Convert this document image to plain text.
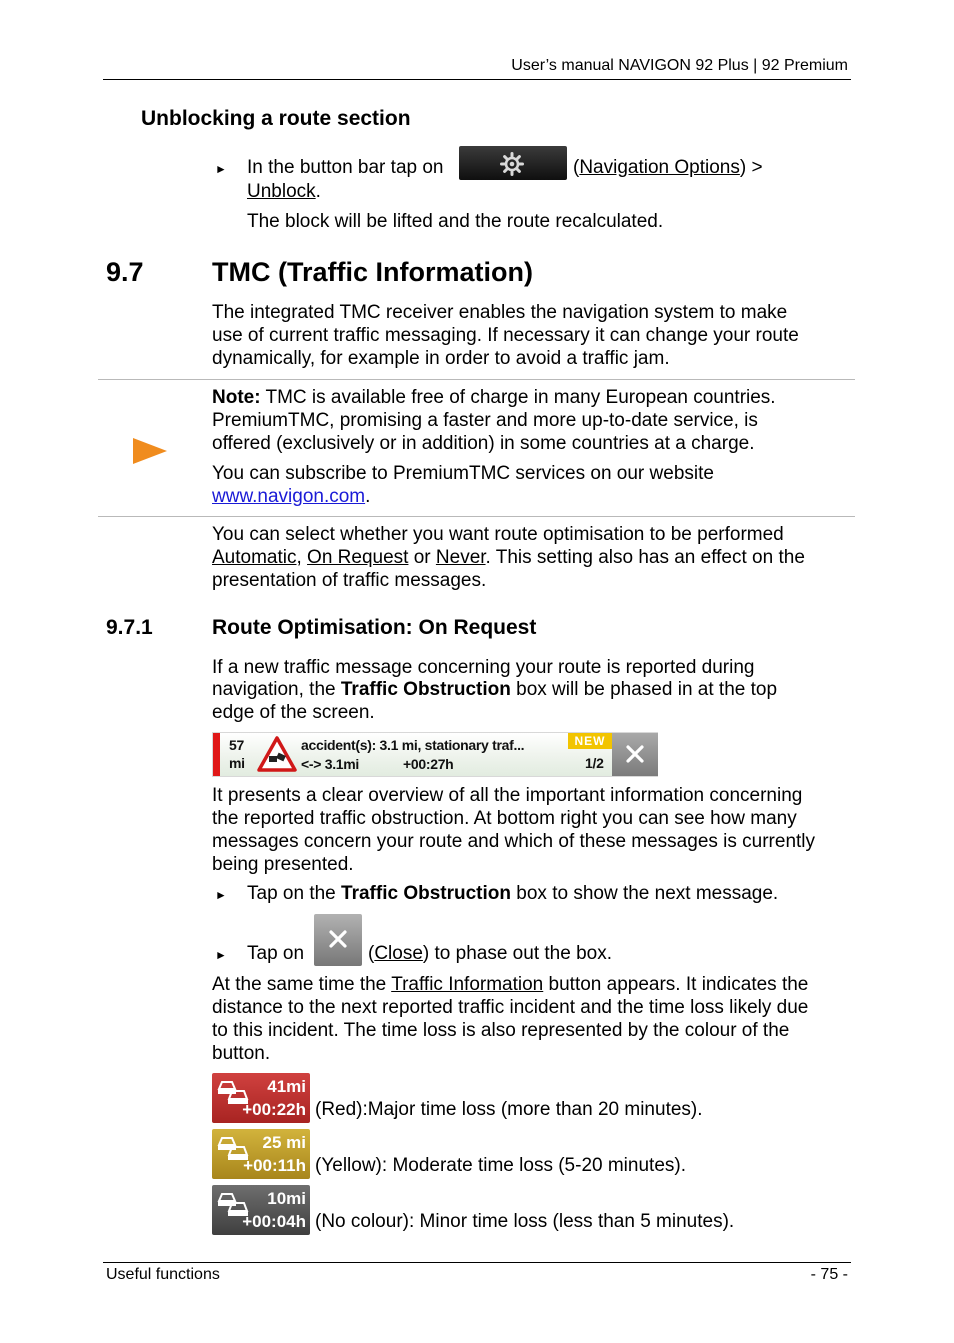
User’s manual NAVIGON 92 Plus | 92 Premium
Unblocking a route section
► In the button bar tap on	(Navigation Options) >
Unblock.
The block will be lifted and the route recalculated.
9.7	TMC (Traffic Information)
The integrated TMC receiver enables the navigation system to make
use of current traffic messaging. If necessary it can change your route
dynamically, for example in order to avoid a traffic jam.
Note: TMC is available free of charge in many European countries.
PremiumTMC, promising a faster and more up-to-date service, is
offered (exclusively or in addition) in some countries at a charge.
You can subscribe to PremiumTMC services on our website
www.navigon.com.
You can select whether you want route optimisation to be performed
Automatic, On Request or Never. This setting also has an effect on the
presentation of traffic messages.
9.7.1	Route Optimisation: On Request
If a new traffic message concerning your route is reported during
navigation, the Traffic Obstruction box will be phased in at the top
edge of the screen.
57
mi
accident(s): 3.1 mi, stationary traf...
<-> 3.1mi	+00:27h
NEW
1/2
It presents a clear overview of all the important information concerning
the reported traffic obstruction. At bottom right you can see how many
messages concern your route and which of these messages is currently
being presented.
► Tap on the Traffic Obstruction box to show the next message.
► Tap on	(Close) to phase out the box.
At the same time the Traffic Information button appears. It indicates the
distance to the next reported traffic incident and the time loss likely due
to this incident. The time loss is also represented by the colour of the
button.
41mi
+00:22h (Red):Major time loss (more than 20 minutes).
25 mi
+00:11h (Yellow): Moderate time loss (5-20 minutes).
10mi
+00:04h (No colour): Minor time loss (less than 5 minutes).
Useful functions	- 75 -
